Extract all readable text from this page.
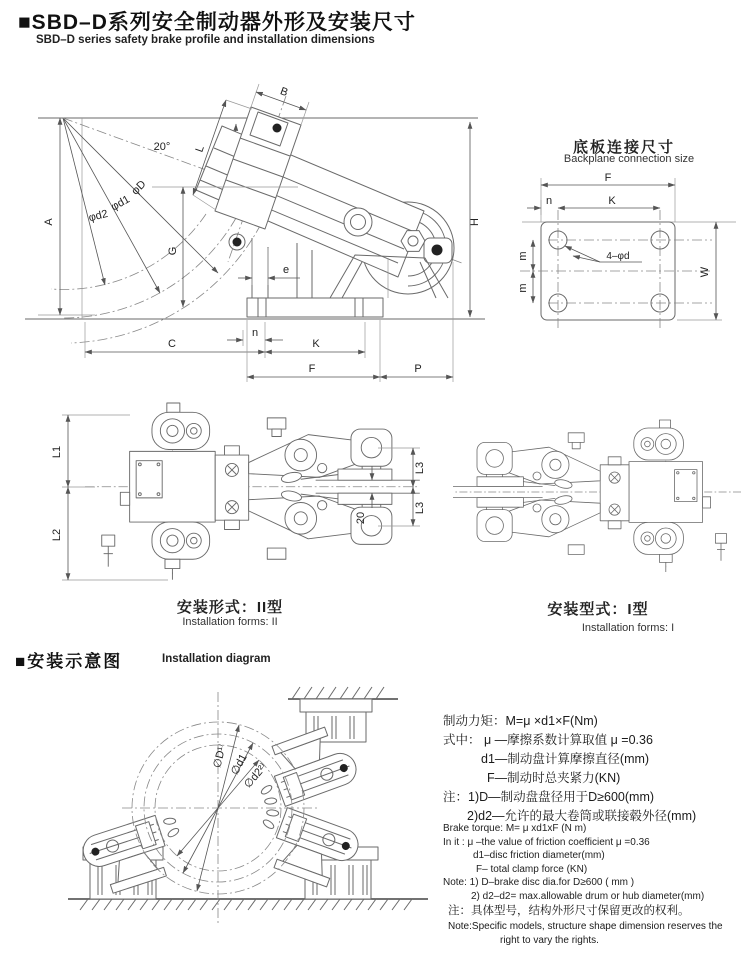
■SBD–D系列安全制动器外形及安装尺寸
SBD–D series safety brake profile and installation dimensions
A
20°
φD
φd1
φd2
B
L
G
H
e
n
C	K
F	P
底板连接尺寸
Backplane connection size
F
K
n
m
m
W
4–φd
L1
L2
L3
L3
20
安装形式：II型
Installation forms: II
安装型式：I型
Installation forms: I
■安装示意图	Installation diagram
∅D¹⁾ ∅d1
∅d2²⁾
制动力矩：M=μ ×d1×F(Nm)
式中： μ —摩擦系数计算取值 μ =0.36
d1—制动盘计算摩擦直径(mm)
F—制动时总夹紧力(KN)
注：1)D—制动盘盘径用于D≥600(mm)
2)d2—允许的最大卷筒或联接毂外径(mm)
Brake torque: M= μ xd1xF (N m)
In it : μ –the value of friction coefficient μ =0.36
d1–disc friction diameter(mm)
F– total clamp force (KN)
Note: 1) D–brake disc dia.for D≥600 ( mm )
2) d2–d2= max.allowable drum or hub diameter(mm)
注：具体型号，结构外形尺寸保留更改的权利。
Note:Specific models, structure shape dimension reserves the
right to vary the rights.
